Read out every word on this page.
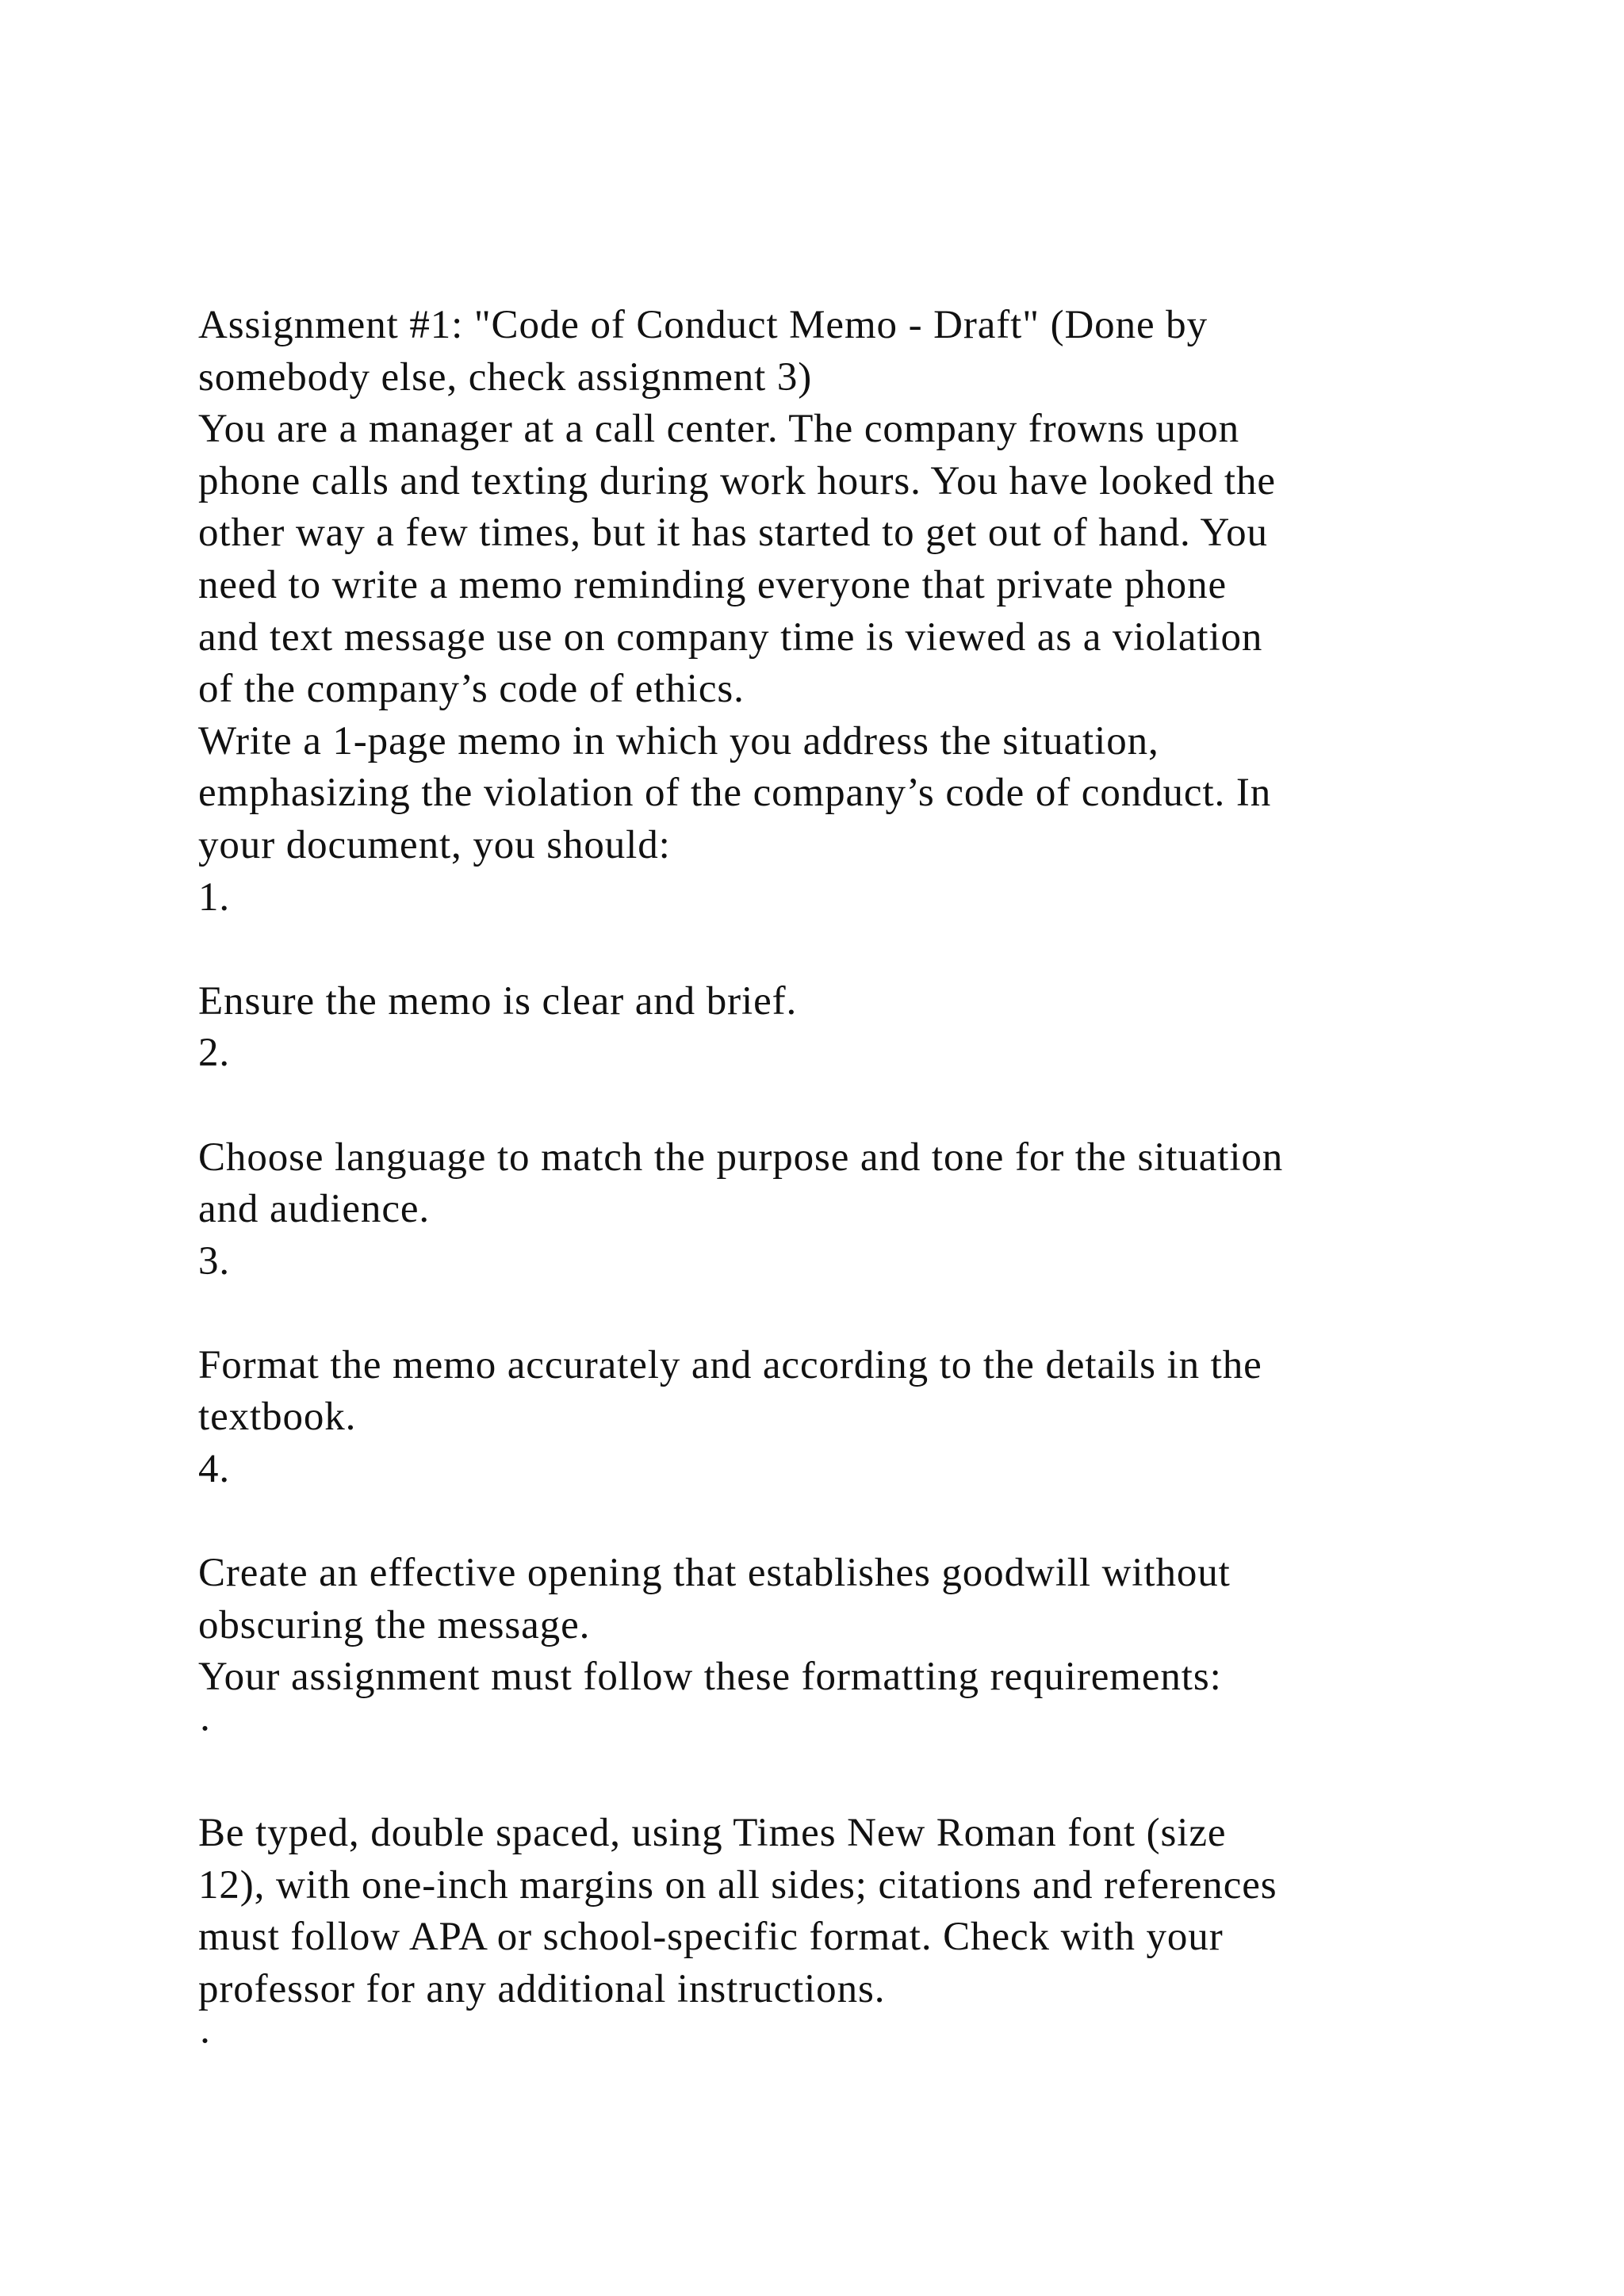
Assignment #1: "Code of Conduct Memo - Draft" (Done by
somebody else, check assignment 3)
You are a manager at a call center. The company frowns upon
phone calls and texting during work hours. You have looked the
other way a few times, but it has started to get out of hand. You
need to write a memo reminding everyone that private phone
and text message use on company time is viewed as a violation
of the company’s code of ethics.
Write a 1-page memo in which you address the situation,
emphasizing the violation of the company’s code of conduct. In
your document, you should:
1.
Ensure the memo is clear and brief.
2.
Choose language to match the purpose and tone for the situation
and audience.
3.
Format the memo accurately and according to the details in the
textbook.
4.
Create an effective opening that establishes goodwill without
obscuring the message.
Your assignment must follow these formatting requirements:
·
Be typed, double spaced, using Times New Roman font (size
12), with one-inch margins on all sides; citations and references
must follow APA or school-specific format. Check with your
professor for any additional instructions.
·
